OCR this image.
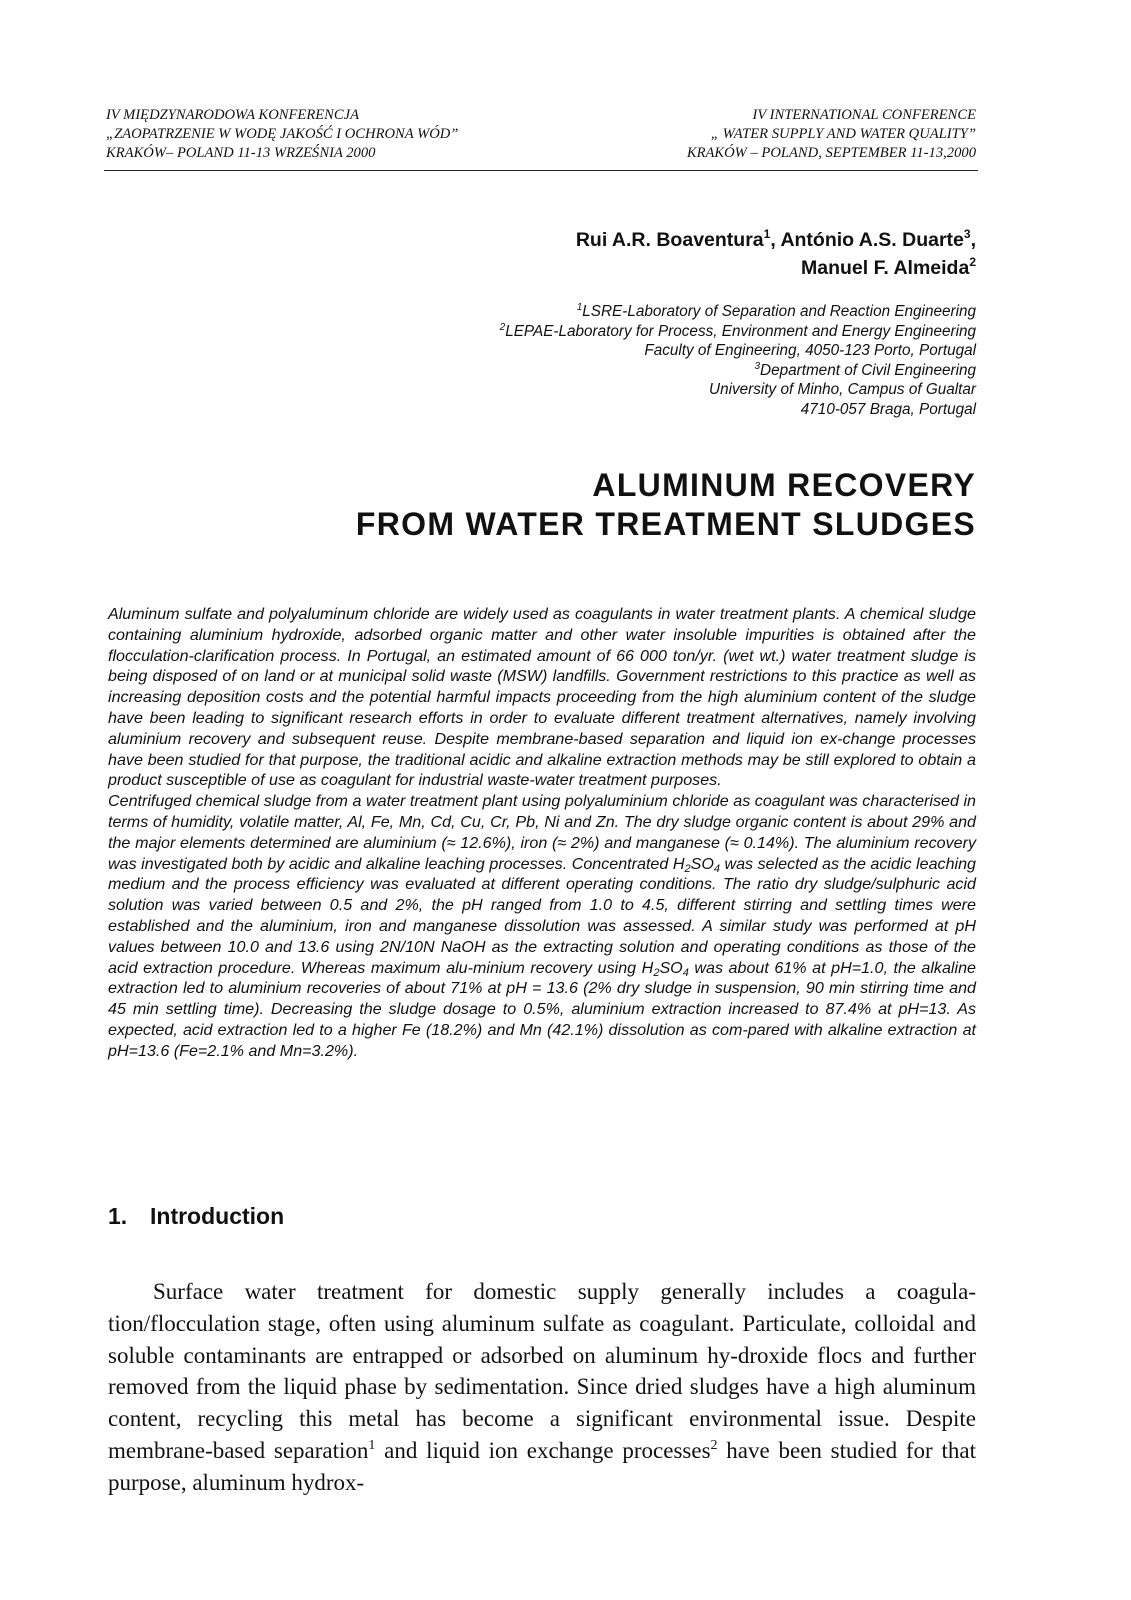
IV MIĘDZYNARODOWA KONFERENCJA
„ZAOPATRZENIE W WODĘ JAKOŚĆ I OCHRONA WÓD”
KRAKÓW– POLAND 11-13 WRZEŚNIA 2000
IV INTERNATIONAL CONFERENCE
„ WATER SUPPLY AND WATER QUALITY”
KRAKÓW – POLAND, SEPTEMBER 11-13,2000
Rui A.R. Boaventura$^1$, António A.S. Duarte$^3$,
Manuel F. Almeida$^2$
$^1$LSRE-Laboratory of Separation and Reaction Engineering
$^2$LEPAE-Laboratory for Process, Environment and Energy Engineering
Faculty of Engineering, 4050-123 Porto, Portugal
$^3$Department of Civil Engineering
University of Minho, Campus of Gualtar
4710-057 Braga, Portugal
ALUMINUM RECOVERY
FROM WATER TREATMENT SLUDGES

Aluminum sulfate and polyaluminum chloride are widely used as coagulants in water treatment plants. A chemical sludge containing aluminium hydroxide, adsorbed organic matter and other water insoluble impurities is obtained after the flocculation-clarification process. In Portugal, an estimated amount of 66 000 ton/yr. (wet wt.) water treatment sludge is being disposed of on land or at municipal solid waste (MSW) landfills. Government restrictions to this practice as well as increasing deposition costs and the potential harmful impacts proceeding from the high aluminium content of the sludge have been leading to significant research efforts in order to evaluate different treatment alternatives, namely involving aluminium recovery and subsequent reuse. Despite membrane-based separation and liquid ion ex-change processes have been studied for that purpose, the traditional acidic and alkaline extraction methods may be still explored to obtain a product susceptible of use as coagulant for industrial waste-water treatment purposes.

Centrifuged chemical sludge from a water treatment plant using polyaluminium chloride as coagulant was characterised in terms of humidity, volatile matter, Al, Fe, Mn, Cd, Cu, Cr, Pb, Ni and Zn. The dry sludge organic content is about 29% and the major elements determined are aluminium (≈ 12.6%), iron (≈ 2%) and manganese (≈ 0.14%). The aluminium recovery was investigated both by acidic and alkaline leaching processes. Concentrated $H_2SO_4$ was selected as the acidic leaching medium and the process efficiency was evaluated at different operating conditions. The ratio dry sludge/sulphuric acid solution was varied between 0.5 and 2%, the pH ranged from 1.0 to 4.5, different stirring and settling times were established and the aluminium, iron and manganese dissolution was assessed. A similar study was performed at pH values between 10.0 and 13.6 using 2N/10N NaOH as the extracting solution and operating conditions as those of the acid extraction procedure. Whereas maximum alu-minium recovery using $H_2SO_4$ was about 61% at pH=1.0, the alkaline extraction led to aluminium recoveries of about 71% at pH = 13.6 (2% dry sludge in suspension, 90 min stirring time and 45 min settling time). Decreasing the sludge dosage to 0.5%, aluminium extraction increased to 87.4% at pH=13. As expected, acid extraction led to a higher Fe (18.2%) and Mn (42.1%) dissolution as com-pared with alkaline extraction at pH=13.6 (Fe=2.1% and Mn=3.2%).

1. Introduction

Surface water treatment for domestic supply generally includes a coagula-tion/flocculation stage, often using aluminum sulfate as coagulant. Particulate, colloidal and soluble contaminants are entrapped or adsorbed on aluminum hy-droxide flocs and further removed from the liquid phase by sedimentation. Since dried sludges have a high aluminum content, recycling this metal has become a significant environmental issue. Despite membrane-based separation$^1$ and liquid ion exchange processes$^2$ have been studied for that purpose, aluminum hydrox-
